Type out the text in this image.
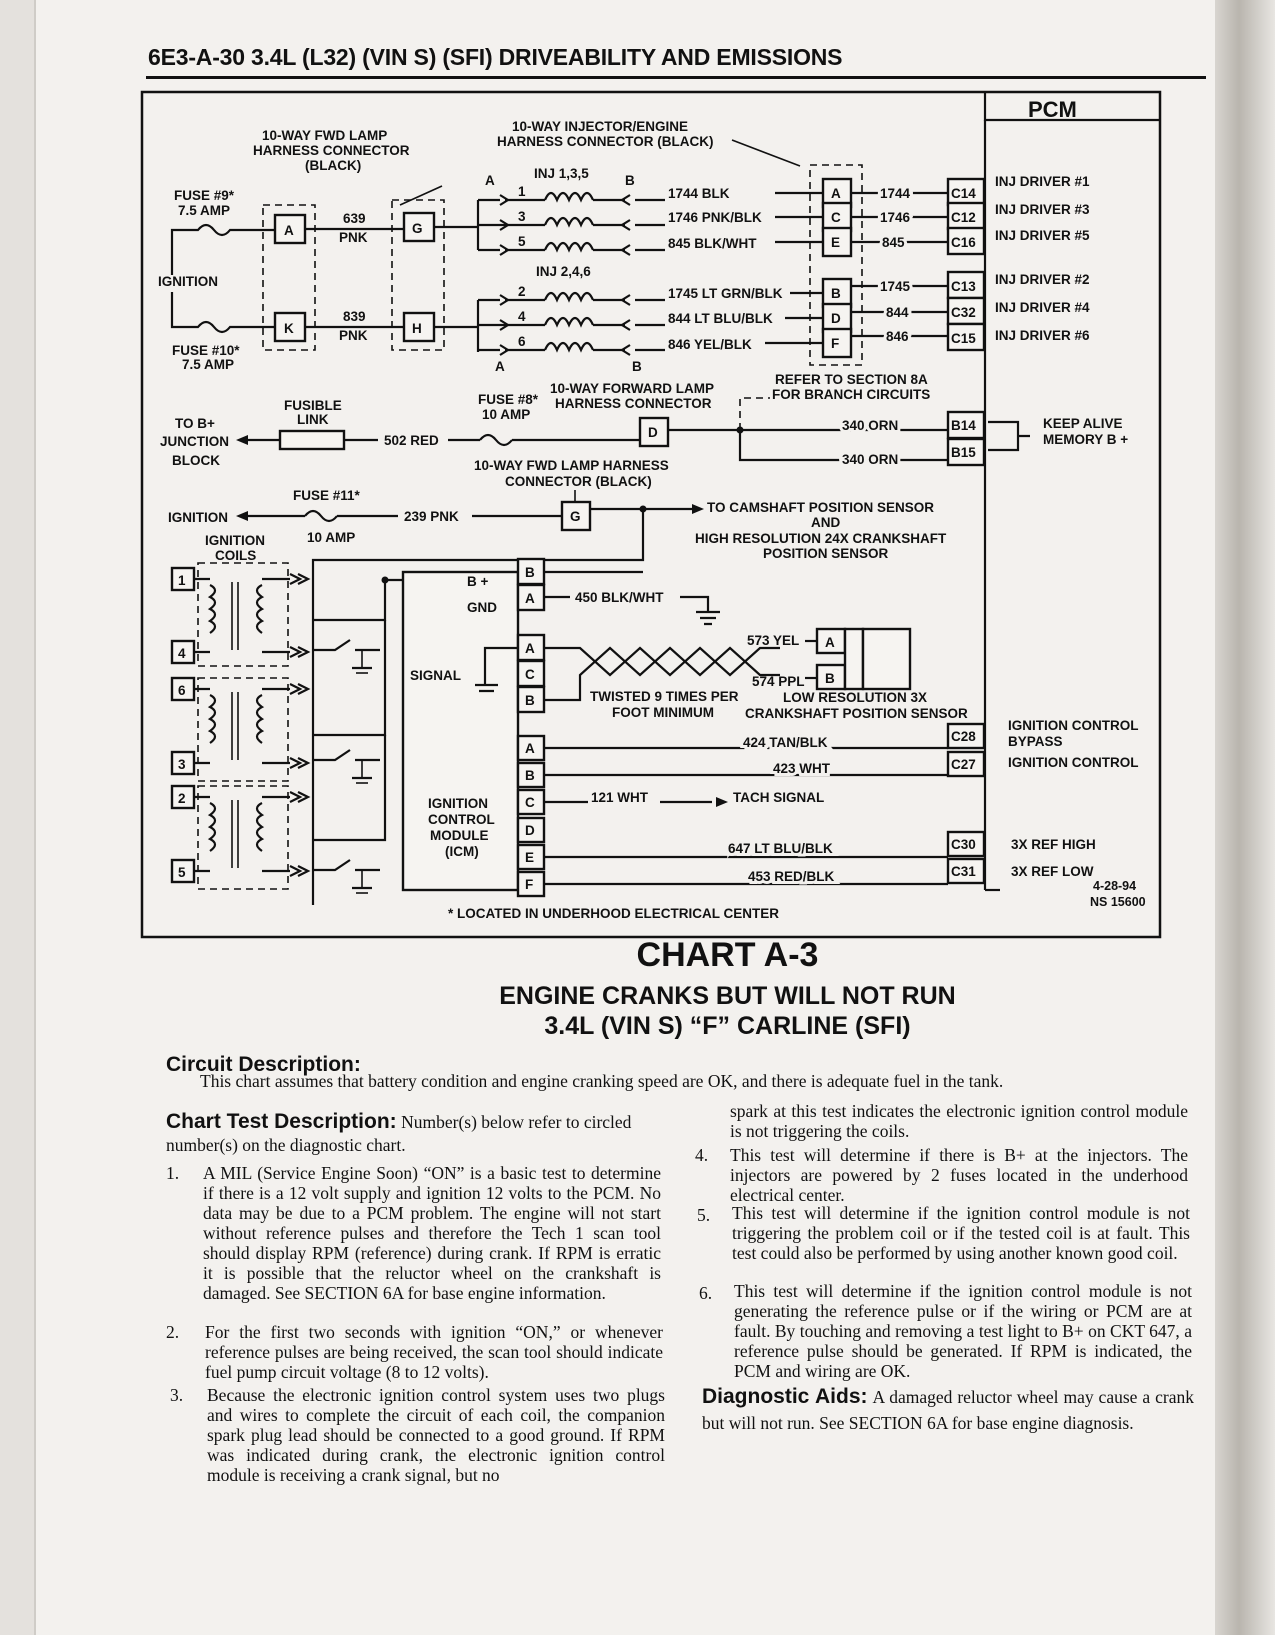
6E3-A-30 3.4L (L32) (VIN S) (SFI) DRIVEABILITY AND EMISSIONS
PCM
10-WAY FWD LAMP
HARNESS CONNECTOR
(BLACK)
10-WAY INJECTOR/ENGINE
HARNESS CONNECTOR (BLACK)
FUSE #9*
7.5 AMP
IGNITION
FUSE #10*
7.5 AMP
A
K
639
PNK
839
PNK
G
H
A	B
INJ 1,3,5
INJ 2,4,6
A	B
1
3
5
2
4
6
1744 BLK	A	1744	C14
INJ DRIVER #1
1746 PNK/BLK	C	1746	C12
INJ DRIVER #3
845 BLK/WHT	E	845	C16 INJ DRIVER #5
1745 LT GRN/BLK	B	1745	C13 INJ DRIVER #2
844 LT BLU/BLK	D	844	C32 INJ DRIVER #4
846 YEL/BLK	F	846	C15 INJ DRIVER #6
REFER TO SECTION 8A
FOR BRANCH CIRCUITS
FUSIBLE
LINK
TO B+
JUNCTION
BLOCK
502 RED
FUSE #8*
10 AMP
10-WAY FORWARD LAMP
HARNESS CONNECTOR
D	340 ORN
340 ORN
B14
B15
KEEP ALIVE
MEMORY B +
10-WAY FWD LAMP HARNESS
CONNECTOR (BLACK)
IGNITION
FUSE #11*
10 AMP
239 PNK	G
TO CAMSHAFT POSITION SENSOR
AND
HIGH RESOLUTION 24X CRANKSHAFT
POSITION SENSOR
IGNITION
COILS
1
4
6
3
2
5
B +
GND
SIGNAL
B
A	450 BLK/WHT
A
C
B
573 YEL
574 PPL
A
B
TWISTED 9 TIMES PER
FOOT MINIMUM
LOW RESOLUTION 3X
CRANKSHAFT POSITION SENSOR
A
B
C
D
E
F
IGNITION
CONTROL
MODULE
(ICM)
424 TAN/BLK
423 WHT
121 WHT	TACH SIGNAL
C28
C27
IGNITION CONTROL
BYPASS
IGNITION CONTROL
647 LT BLU/BLK
453 RED/BLK
C30
C31
3X REF HIGH
3X REF LOW
4-28-94
NS 15600
* LOCATED IN UNDERHOOD ELECTRICAL CENTER
CHART A-3
ENGINE CRANKS BUT WILL NOT RUN
3.4L (VIN S) “F” CARLINE (SFI)
Circuit Description:
This chart assumes that battery condition and engine cranking speed are OK, and there is adequate fuel in the tank.
Chart Test Description: Number(s) below refer to circled number(s) on the diagnostic chart.
1. A MIL (Service Engine Soon) “ON” is a basic test to determine if there is a 12 volt supply and ignition 12 volts to the PCM. No data may be due to a PCM problem. The engine will not start without reference pulses and therefore the Tech 1 scan tool should display RPM (reference) during crank. If RPM is erratic it is possible that the reluctor wheel on the crankshaft is damaged. See SECTION 6A for base engine information.
2. For the first two seconds with ignition “ON,” or whenever reference pulses are being received, the scan tool should indicate fuel pump circuit voltage (8 to 12 volts).
3. Because the electronic ignition control system uses two plugs and wires to complete the circuit of each coil, the companion spark plug lead should be connected to a good ground. If RPM was indicated during crank, the electronic ignition control module is receiving a crank signal, but no
spark at this test indicates the electronic ignition control module is not triggering the coils.
4. This test will determine if there is B+ at the injectors. The injectors are powered by 2 fuses located in the underhood electrical center.
5. This test will determine if the ignition control module is not triggering the problem coil or if the tested coil is at fault. This test could also be performed by using another known good coil.
6. This test will determine if the ignition control module is not generating the reference pulse or if the wiring or PCM are at fault. By touching and removing a test light to B+ on CKT 647, a reference pulse should be generated. If RPM is indicated, the PCM and wiring are OK.
Diagnostic Aids: A damaged reluctor wheel may cause a crank but will not run. See SECTION 6A for base engine diagnosis.
